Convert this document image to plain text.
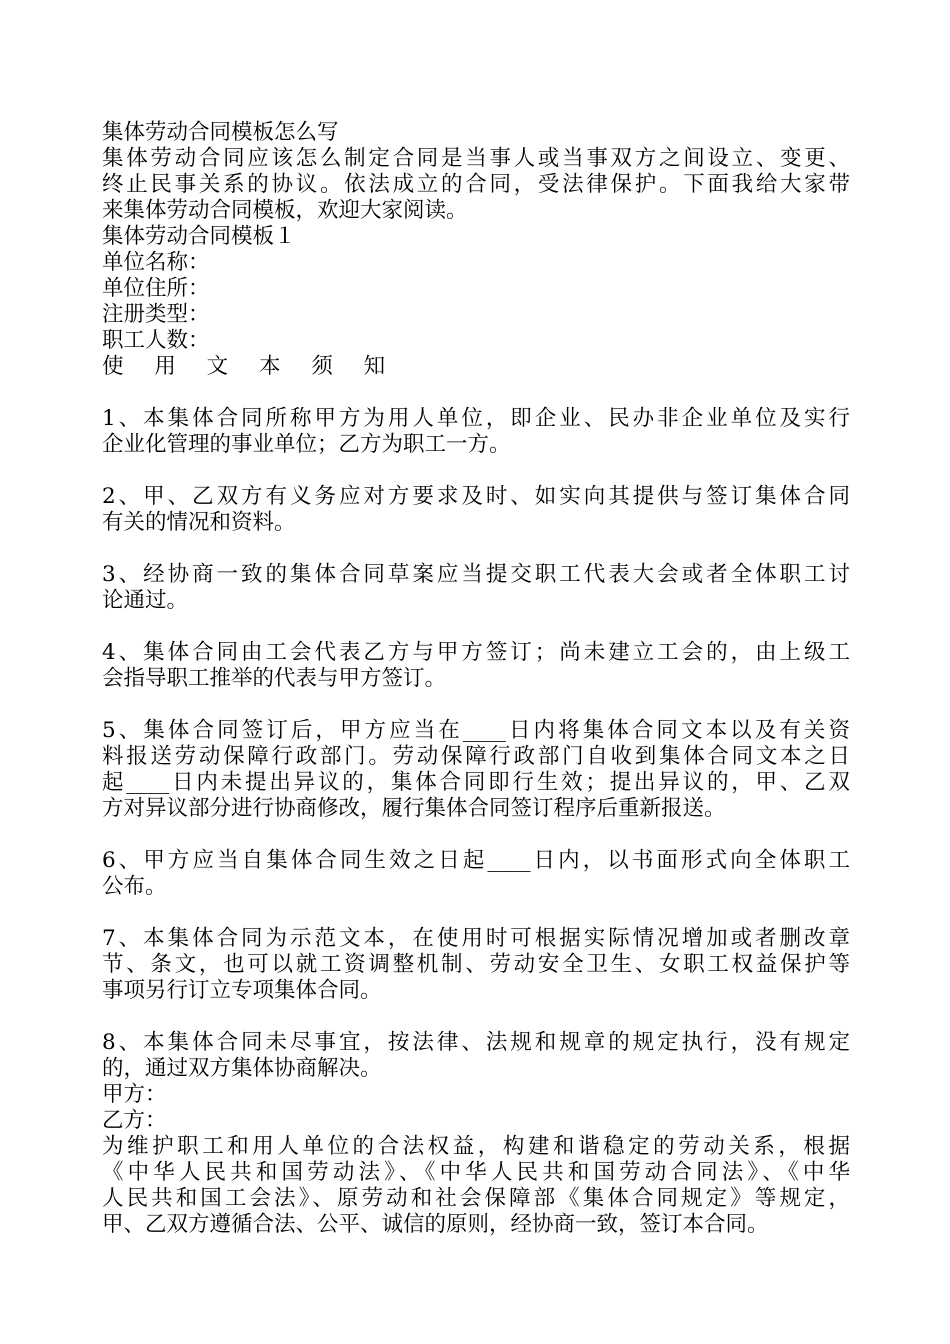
集体劳动合同模板怎么写
集体劳动合同应该怎么制定合同是当事人或当事双方之间设立、变更、
终止民事关系的协议。依法成立的合同，受法律保护。下面我给大家带
来集体劳动合同模板，欢迎大家阅读。
集体劳动合同模板１
单位名称：
单位住所：
注册类型：
职工人数：
使 用 文 本 须 知
1、本集体合同所称甲方为用人单位，即企业、民办非企业单位及实行
企业化管理的事业单位；乙方为职工一方。
2、甲、乙双方有义务应对方要求及时、如实向其提供与签订集体合同
有关的情况和资料。
3、经协商一致的集体合同草案应当提交职工代表大会或者全体职工讨
论通过。
4、集体合同由工会代表乙方与甲方签订；尚未建立工会的，由上级工
会指导职工推举的代表与甲方签订。
5、集体合同签订后，甲方应当在____日内将集体合同文本以及有关资
料报送劳动保障行政部门。劳动保障行政部门自收到集体合同文本之日
起____日内未提出异议的，集体合同即行生效；提出异议的，甲、乙双
方对异议部分进行协商修改，履行集体合同签订程序后重新报送。
6、甲方应当自集体合同生效之日起____日内，以书面形式向全体职工
公布。
7、本集体合同为示范文本，在使用时可根据实际情况增加或者删改章
节、条文，也可以就工资调整机制、劳动安全卫生、女职工权益保护等
事项另行订立专项集体合同。
8、本集体合同未尽事宜，按法律、法规和规章的规定执行，没有规定
的，通过双方集体协商解决。
甲方：
乙方：
为维护职工和用人单位的合法权益，构建和谐稳定的劳动关系，根据
《中华人民共和国劳动法》、《中华人民共和国劳动合同法》、《中华
人民共和国工会法》、原劳动和社会保障部《集体合同规定》等规定，
甲、乙双方遵循合法、公平、诚信的原则，经协商一致，签订本合同。
